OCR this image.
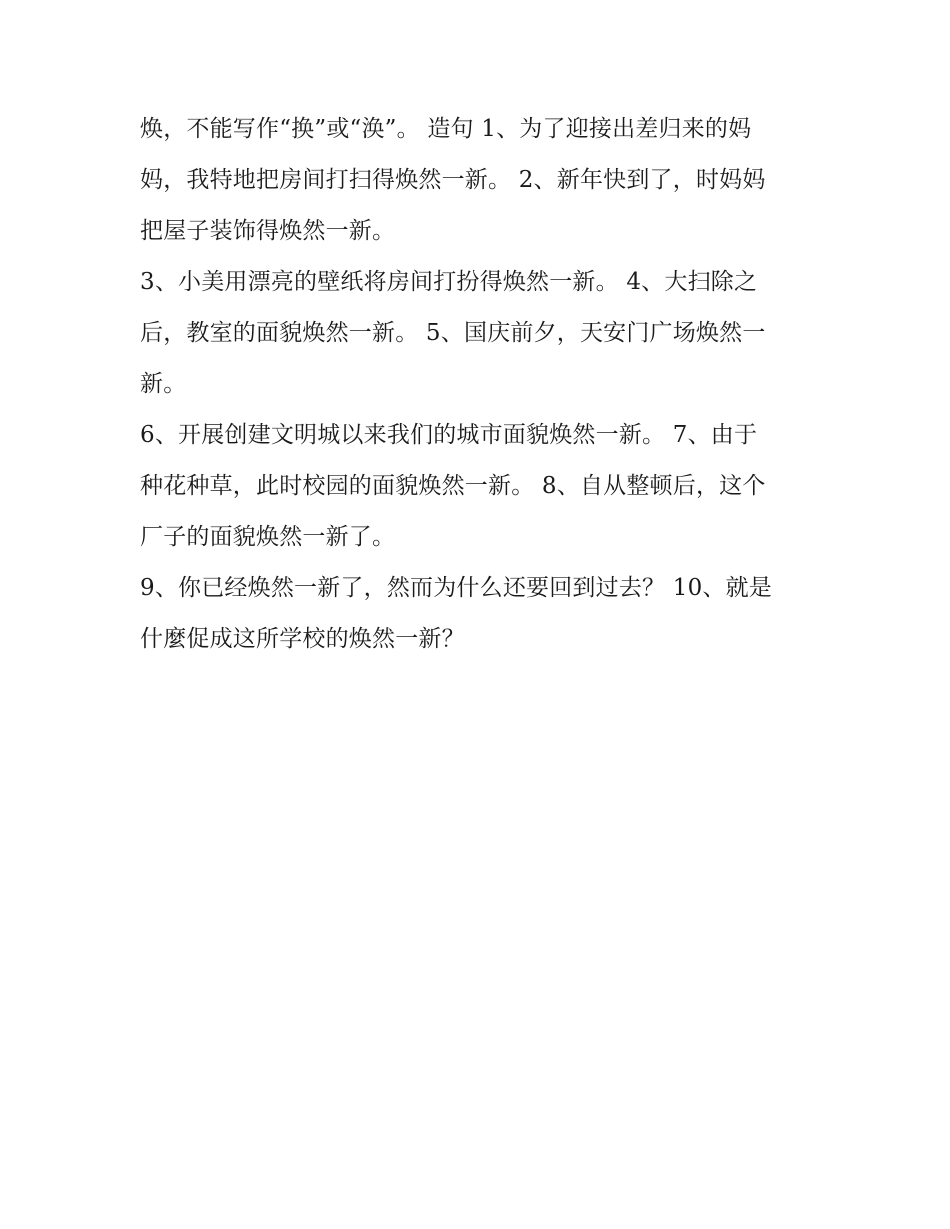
焕，不能写作“换”或“涣”。 造句 1、为了迎接出差归来的妈
妈，我特地把房间打扫得焕然一新。 2、新年快到了，时妈妈
把屋子装饰得焕然一新。

3、小美用漂亮的壁纸将房间打扮得焕然一新。 4、大扫除之
后，教室的面貌焕然一新。 5、国庆前夕，天安门广场焕然一
新。

6、开展创建文明城以来我们的城市面貌焕然一新。 7、由于
种花种草，此时校园的面貌焕然一新。 8、自从整顿后，这个
厂子的面貌焕然一新了。

9、你已经焕然一新了，然而为什么还要回到过去？ 10、就是
什麼促成这所学校的焕然一新？
